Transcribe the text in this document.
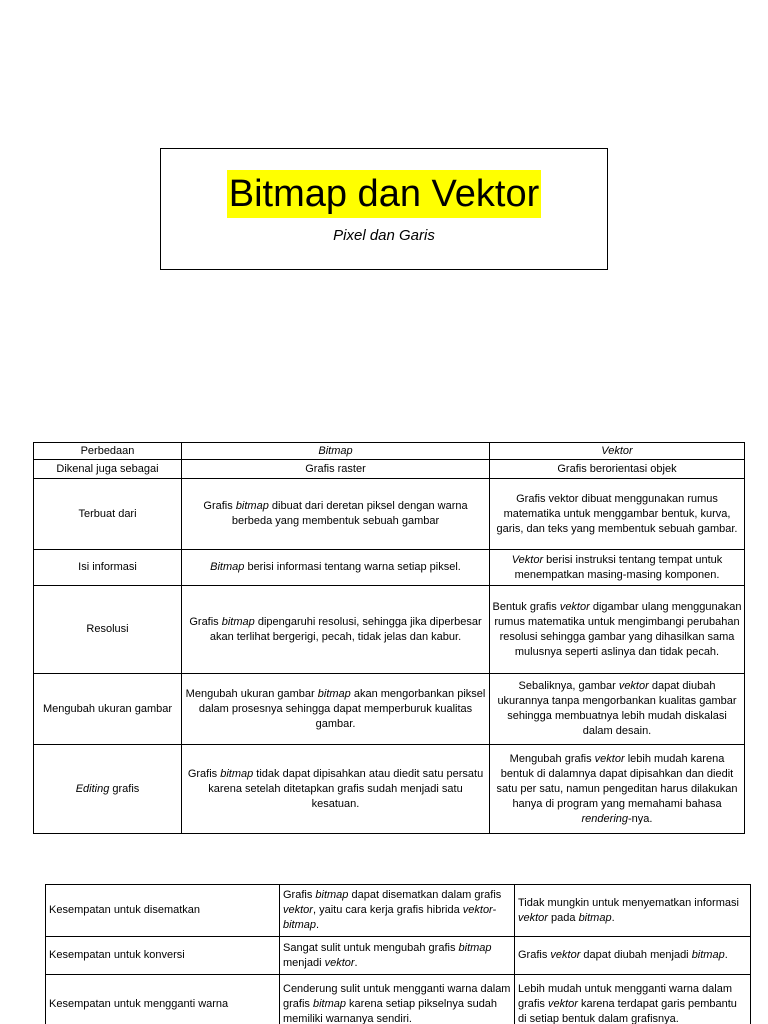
Bitmap dan Vektor
Pixel dan Garis
Perbedaan	Bitmap	Vektor
Dikenal juga sebagai	Grafis raster	Grafis berorientasi objek
Terbuat dari	Grafis bitmap dibuat dari deretan piksel dengan warna berbeda yang membentuk sebuah gambar	Grafis vektor dibuat menggunakan rumus matematika untuk menggambar bentuk, kurva, garis, dan teks yang membentuk sebuah gambar.
Isi informasi	Bitmap berisi informasi tentang warna setiap piksel.	Vektor berisi instruksi tentang tempat untuk menempatkan masing-masing komponen.
Resolusi	Grafis bitmap dipengaruhi resolusi, sehingga jika diperbesar akan terlihat bergerigi, pecah, tidak jelas dan kabur.	Bentuk grafis vektor digambar ulang menggunakan rumus matematika untuk mengimbangi perubahan resolusi sehingga gambar yang dihasilkan sama mulusnya seperti aslinya dan tidak pecah.
Mengubah ukuran gambar	Mengubah ukuran gambar bitmap akan mengorbankan piksel dalam prosesnya sehingga dapat memperburuk kualitas gambar.	Sebaliknya, gambar vektor dapat diubah ukurannya tanpa mengorbankan kualitas gambar sehingga membuatnya lebih mudah diskalasi dalam desain.
Editing grafis	Grafis bitmap tidak dapat dipisahkan atau diedit satu persatu karena setelah ditetapkan grafis sudah menjadi satu kesatuan.	Mengubah grafis vektor lebih mudah karena bentuk di dalamnya dapat dipisahkan dan diedit satu per satu, namun pengeditan harus dilakukan hanya di program yang memahami bahasa rendering-nya.
Kesempatan untuk disematkan	Grafis bitmap dapat disematkan dalam grafis vektor, yaitu cara kerja grafis hibrida vektor-bitmap.	Tidak mungkin untuk menyematkan informasi vektor pada bitmap.
Kesempatan untuk konversi	Sangat sulit untuk mengubah grafis bitmap menjadi vektor.	Grafis vektor dapat diubah menjadi bitmap.
Kesempatan untuk mengganti warna	Cenderung sulit untuk mengganti warna dalam grafis bitmap karena setiap pikselnya sudah memiliki warnanya sendiri.	Lebih mudah untuk mengganti warna dalam grafis vektor karena terdapat garis pembantu di setiap bentuk dalam grafisnya.
